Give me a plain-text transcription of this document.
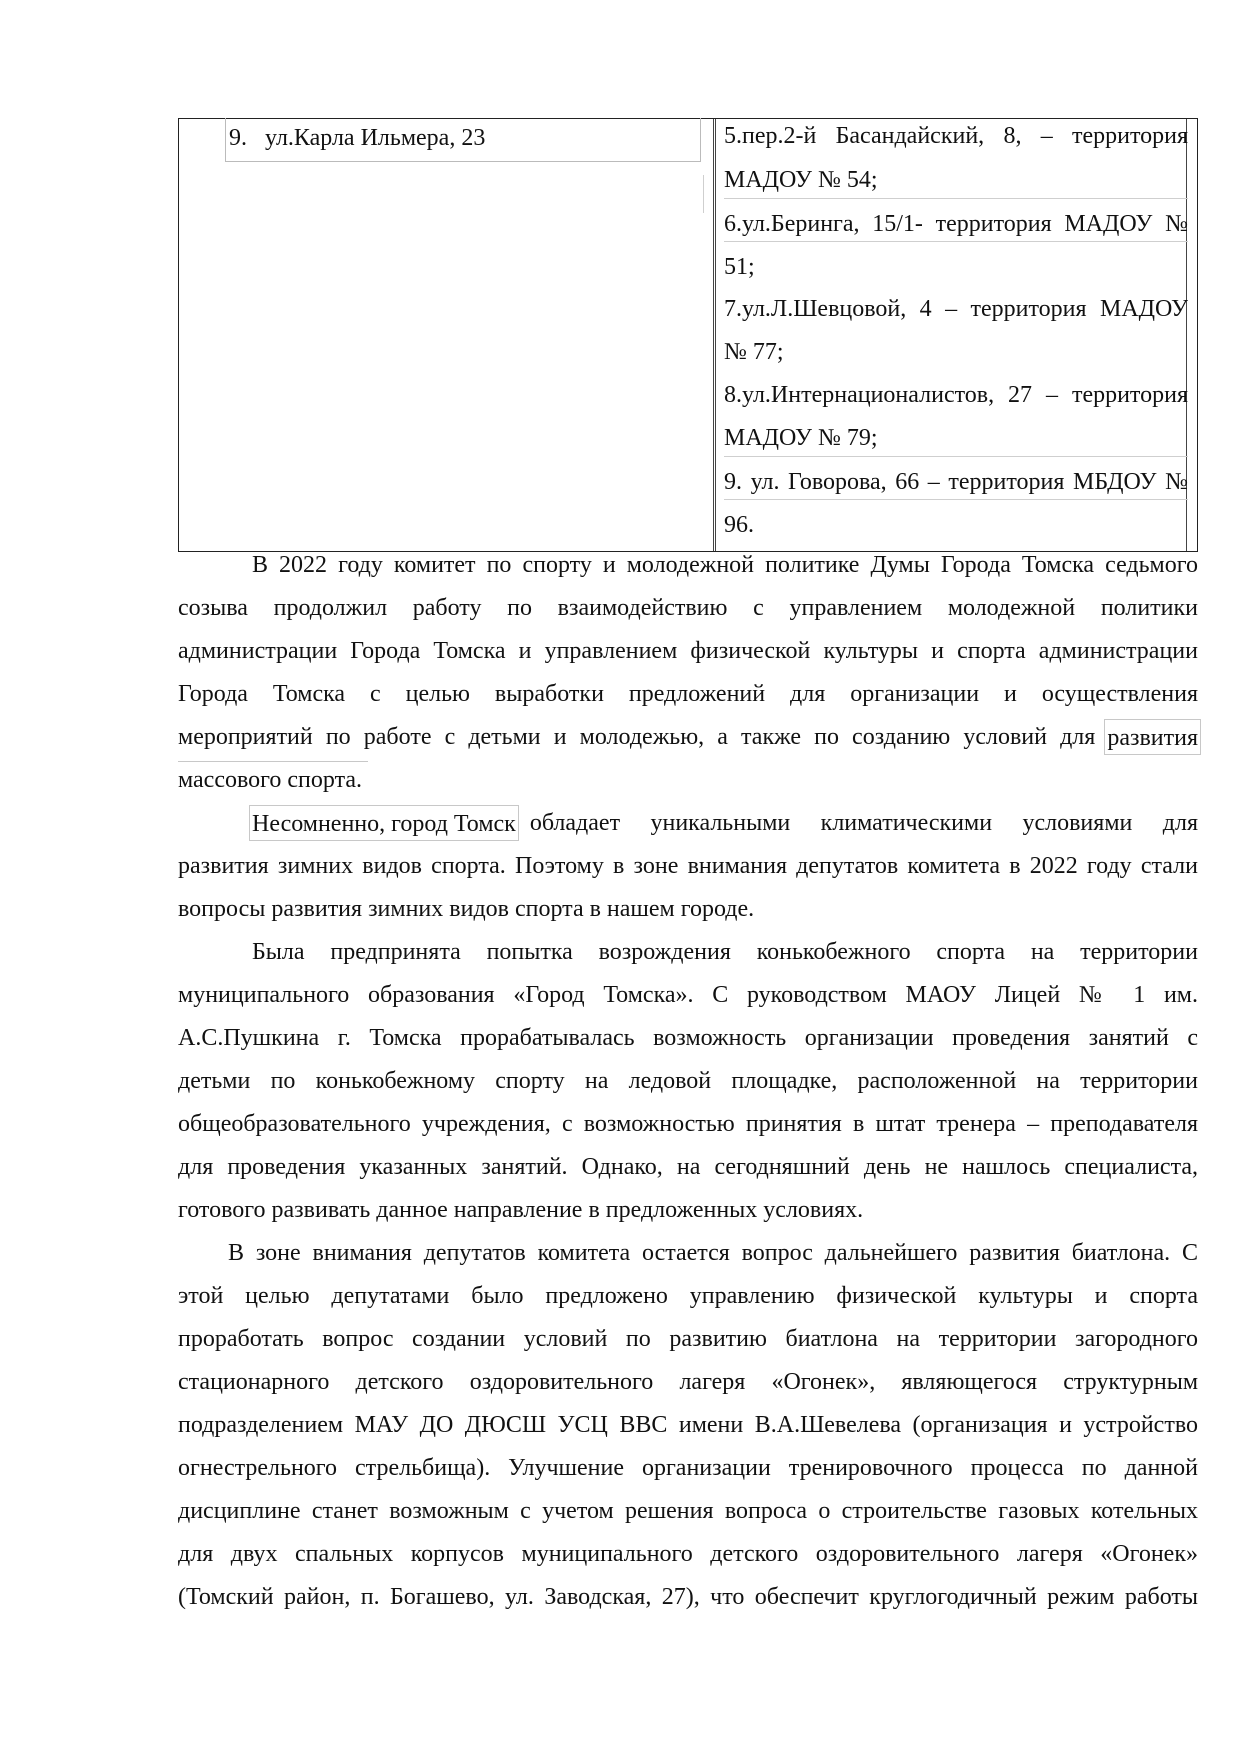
9. ул.Карла Ильмера, 23	5.пер.2-й Басандайский, 8, – территория
МАДОУ № 54;
6.ул.Беринга, 15/1- территория МАДОУ №
51;
7.ул.Л.Шевцовой, 4 – территория МАДОУ
№ 77;
8.ул.Интернационалистов, 27 – территория
МАДОУ № 79;
9. ул. Говорова, 66 – территория МБДОУ №
96.
В 2022 году комитет по спорту и молодежной политике Думы Города Томска седьмого
созыва продолжил работу по взаимодействию с управлением молодежной политики
администрации Города Томска и управлением физической культуры и спорта администрации
Города Томска с целью выработки предложений для организации и осуществления
мероприятий по работе с детьми и молодежью, а также по созданию условий для развития
массового спорта.
Несомненно, город Томск обладает уникальными климатическими условиями для
развития зимних видов спорта. Поэтому в зоне внимания депутатов комитета в 2022 году стали
вопросы развития зимних видов спорта в нашем городе.
Была предпринята попытка возрождения конькобежного спорта на территории
муниципального образования «Город Томска». С руководством МАОУ Лицей № 1 им.
А.С.Пушкина г. Томска прорабатывалась возможность организации проведения занятий с
детьми по конькобежному спорту на ледовой площадке, расположенной на территории
общеобразовательного учреждения, с возможностью принятия в штат тренера – преподавателя
для проведения указанных занятий. Однако, на сегодняшний день не нашлось специалиста,
готового развивать данное направление в предложенных условиях.
В зоне внимания депутатов комитета остается вопрос дальнейшего развития биатлона. С
этой целью депутатами было предложено управлению физической культуры и спорта
проработать вопрос создании условий по развитию биатлона на территории загородного
стационарного детского оздоровительного лагеря «Огонек», являющегося структурным
подразделением МАУ ДО ДЮСШ УСЦ ВВС имени В.А.Шевелева (организация и устройство
огнестрельного стрельбища). Улучшение организации тренировочного процесса по данной
дисциплине станет возможным с учетом решения вопроса о строительстве газовых котельных
для двух спальных корпусов муниципального детского оздоровительного лагеря «Огонек»
(Томский район, п. Богашево, ул. Заводская, 27), что обеспечит круглогодичный режим работы
